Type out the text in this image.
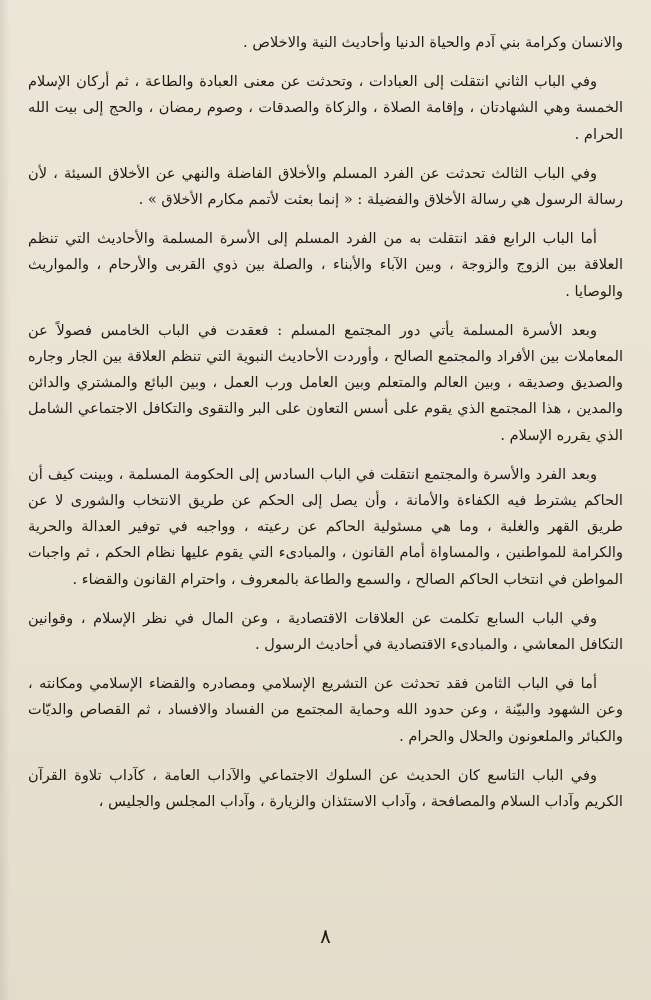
والانسان وكرامة بني آدم والحياة الدنيا وأحاديث النية والاخلاص .

وفي الباب الثاني انتقلت إلى العبادات ، وتحدثت عن معنى العبادة والطاعة ، ثم أركان الإسلام الخمسة وهي الشهادتان ، وإقامة الصلاة ، والزكاة والصدقات ، وصوم رمضان ، والحج إلى بيت الله الحرام .

وفي الباب الثالث تحدثت عن الفرد المسلم والأخلاق الفاضلة والنهي عن الأخلاق السيئة ، لأن رسالة الرسول هي رسالة الأخلاق والفضيلة : « إنما بعثت لأتمم مكارم الأخلاق » .

أما الباب الرابع فقد انتقلت به من الفرد المسلم إلى الأسرة المسلمة والأحاديث التي تنظم العلاقة بين الزوج والزوجة ، وبين الآباء والأبناء ، والصلة بين ذوي القربى والأرحام ، والمواريث والوصايا .

وبعد الأسرة المسلمة يأتي دور المجتمع المسلم : فعقدت في الباب الخامس فصولاً عن المعاملات بين الأفراد والمجتمع الصالح ، وأوردت الأحاديث النبوية التي تنظم العلاقة بين الجار وجاره والصديق وصديقه ، وبين العالم والمتعلم وبين العامل ورب العمل ، وبين البائع والمشتري والدائن والمدين ، هذا المجتمع الذي يقوم على أسس التعاون على البر والتقوى والتكافل الاجتماعي الشامل الذي يقرره الإسلام .

وبعد الفرد والأسرة والمجتمع انتقلت في الباب السادس إلى الحكومة المسلمة ، وبينت كيف أن الحاكم يشترط فيه الكفاءة والأمانة ، وأن يصل إلى الحكم عن طريق الانتخاب والشورى لا عن طريق القهر والغلبة ، وما هي مسئولية الحاكم عن رعيته ، وواجبه في توفير العدالة والحرية والكرامة للمواطنين ، والمساواة أمام القانون ، والمبادىء التي يقوم عليها نظام الحكم ، ثم واجبات المواطن في انتخاب الحاكم الصالح ، والسمع والطاعة بالمعروف ، واحترام القانون والقضاء .

وفي الباب السابع تكلمت عن العلاقات الاقتصادية ، وعن المال في نظر الإسلام ، وقوانين التكافل المعاشي ، والمبادىء الاقتصادية في أحاديث الرسول .

أما في الباب الثامن فقد تحدثت عن التشريع الإسلامي ومصادره والقضاء الإسلامي ومكانته ، وعن الشهود والبيّنة ، وعن حدود الله وحماية المجتمع من الفساد والافساد ، ثم القصاص والديّات والكبائر والملعونون والحلال والحرام .

وفي الباب التاسع كان الحديث عن السلوك الاجتماعي والآداب العامة ، كآداب تلاوة القرآن الكريم وآداب السلام والمصافحة ، وآداب الاستئذان والزيارة ، وآداب المجلس والجليس ،

٨
